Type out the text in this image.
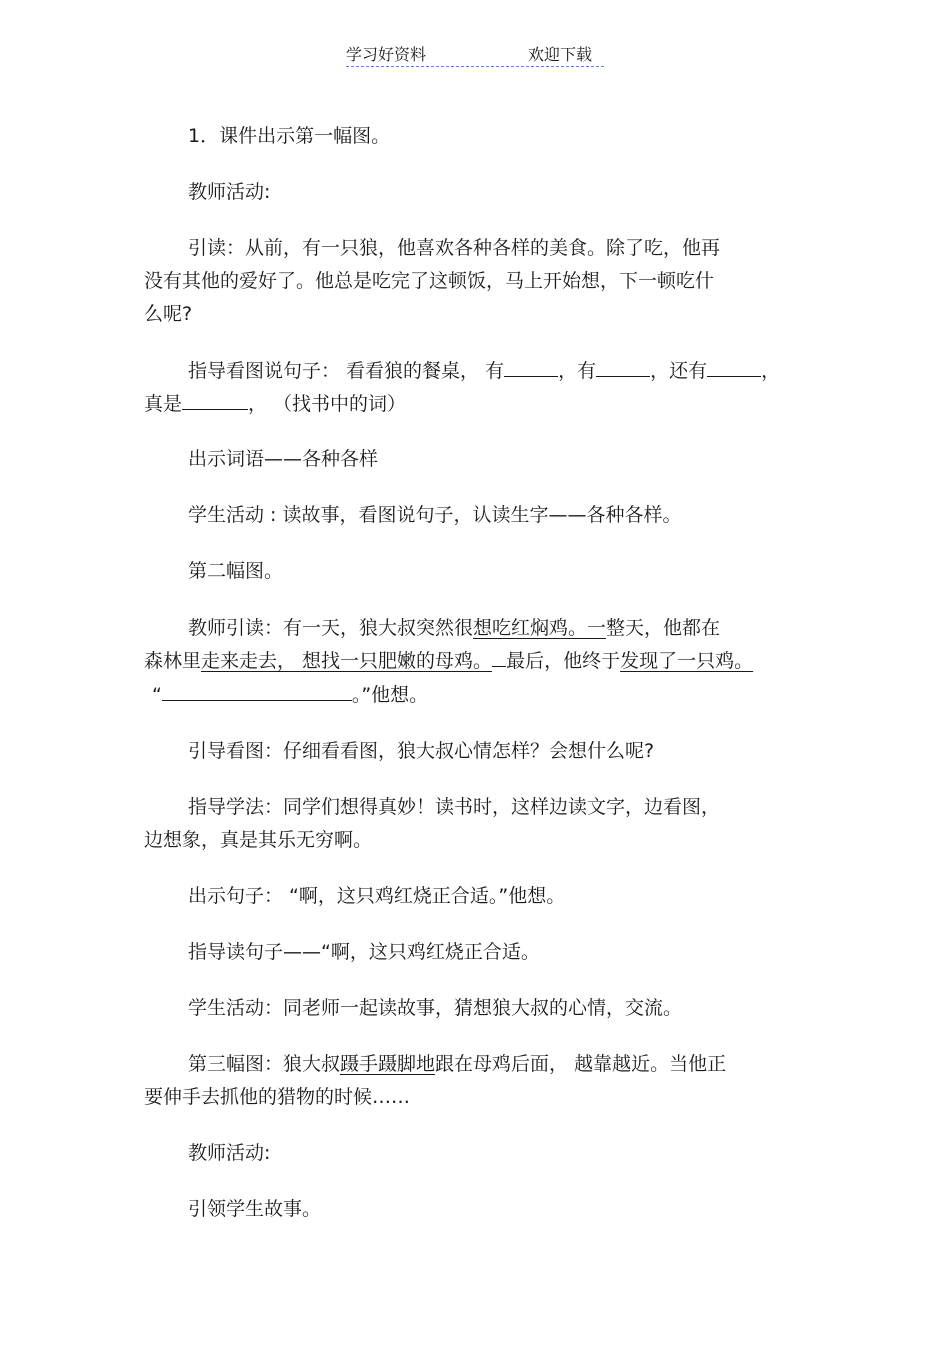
学习好资料	欢迎下载

1．课件出示第一幅图。

教师活动:

引读：从前，有一只狼，他喜欢各种各样的美食。除了吃，他再

没有其他的爱好了。他总是吃完了这顿饭，马上开始想，下一顿吃什

么呢?

指导看图说句子： 看看狼的餐桌， 有	，有	，还有	，

真是	， （找书中的词）

出示词语——各种各样

学生活动 : 读故事，看图说句子，认读生字——各种各样。

第二幅图。

教师引读：有一天，狼大叔突然很想吃红焖鸡。一整天，他都在

森林里走来走去， 想找一只肥嫩的母鸡。 最后，他终于发现了一只鸡。

“	。”他想。

引导看图：仔细看看图，狼大叔心情怎样？会想什么呢?

指导学法：同学们想得真妙！读书时，这样边读文字，边看图，

边想象，真是其乐无穷啊。

出示句子： “啊，这只鸡红烧正合适。”他想。

指导读句子——“啊，这只鸡红烧正合适。

学生活动：同老师一起读故事，猜想狼大叔的心情，交流。

第三幅图：狼大叔蹑手蹑脚地跟在母鸡后面， 越靠越近。当他正

要伸手去抓他的猎物的时候……

教师活动:

引领学生故事。
